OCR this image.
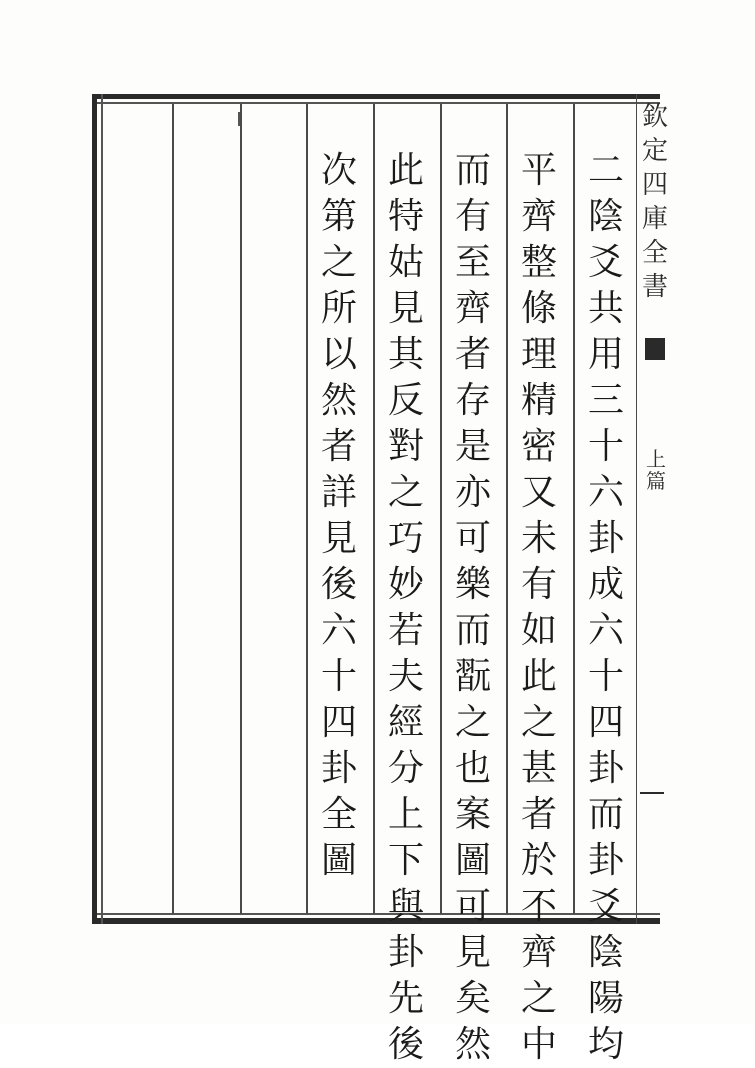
二
陰
爻
共
用
三
十
六
卦
成
六
十
四
卦
而
卦
爻
陰
陽
均
平
齊
整
條
理
精
密
又
未
有
如
此
之
甚
者
於
不
齊
之
中
而
有
至
齊
者
存
是
亦
可
樂
而
翫
之
也
案
圖
可
見
矣
然
此
特
姑
見
其
反
對
之
巧
妙
若
夫
經
分
上
下
與
卦
先
後
次
第
之
所
以
然
者
詳
見
後
六
十
四
卦
全
圖
欽
定
四
庫
全
書
上
篇
